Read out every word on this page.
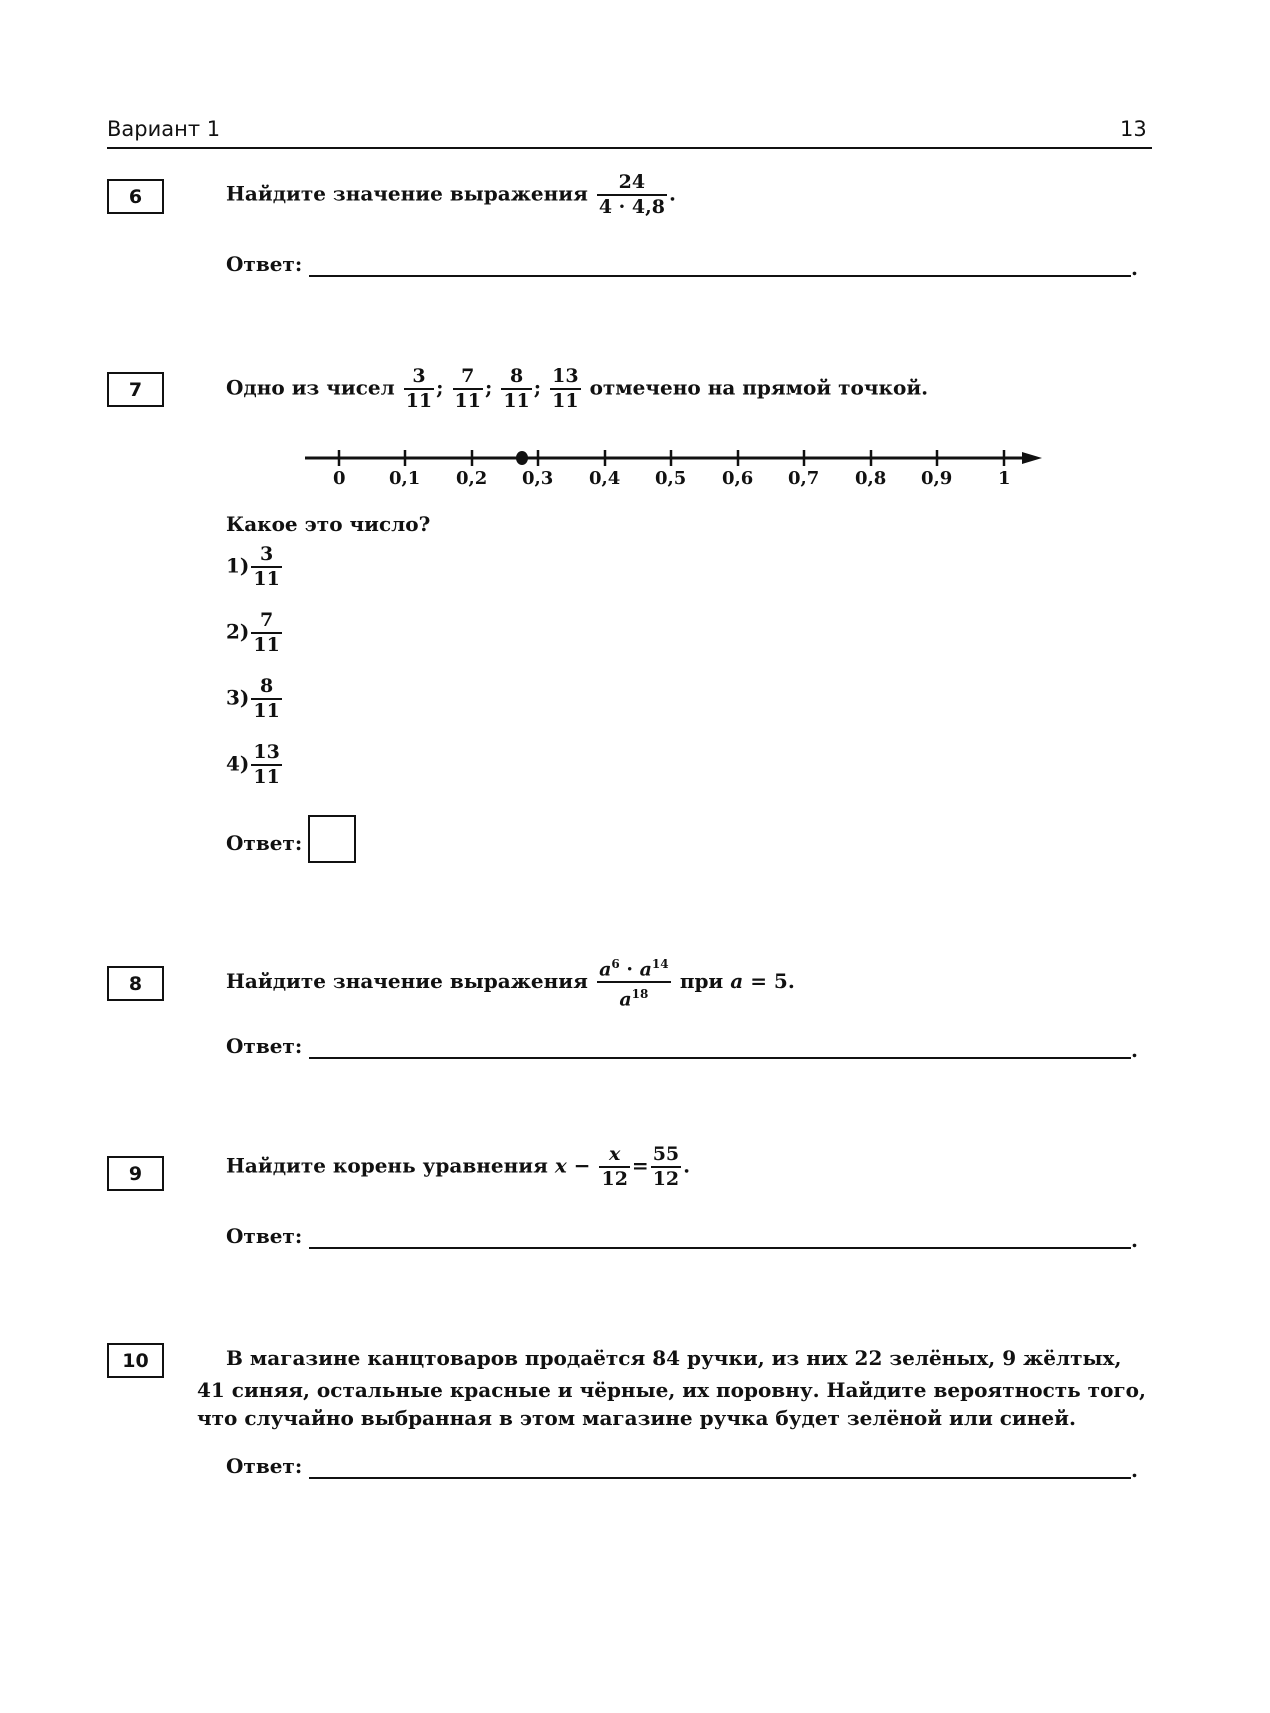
Вариант 1	13
6	Найдите значение выражения $\frac{24}{4 \cdot 4,8}$ .
Ответ:	.
7	Одно из чисел $\frac{3}{11}$ ; $\frac{7}{11}$ ; $\frac{8}{11}$ ; $\frac{13}{11}$ отмечено на прямой точкой.
0 0,1 0,2 0,3 0,4 0,5 0,6 0,7 0,8 0,9	1
Какое это число?
$1) \frac{3}{11}$
$2) \frac{7}{11}$
$3) \frac{8}{11}$
$4) \frac{13}{11}$
Ответ:
8	Найдите значение выражения $\frac{a^6 \cdot a^{14}}{a^{18}}$ при a = 5.
Ответ:	.
9	Найдите корень уравнения $x - \frac{x}{12} = \frac{55}{12}$ .
Ответ:	.
10	В магазине канцтоваров продаётся 84 ручки, из них 22 зелёных, 9 жёлтых,
41 синяя, остальные красные и чёрные, их поровну. Найдите вероятность того,
что случайно выбранная в этом магазине ручка будет зелёной или синей.
Ответ:	.
